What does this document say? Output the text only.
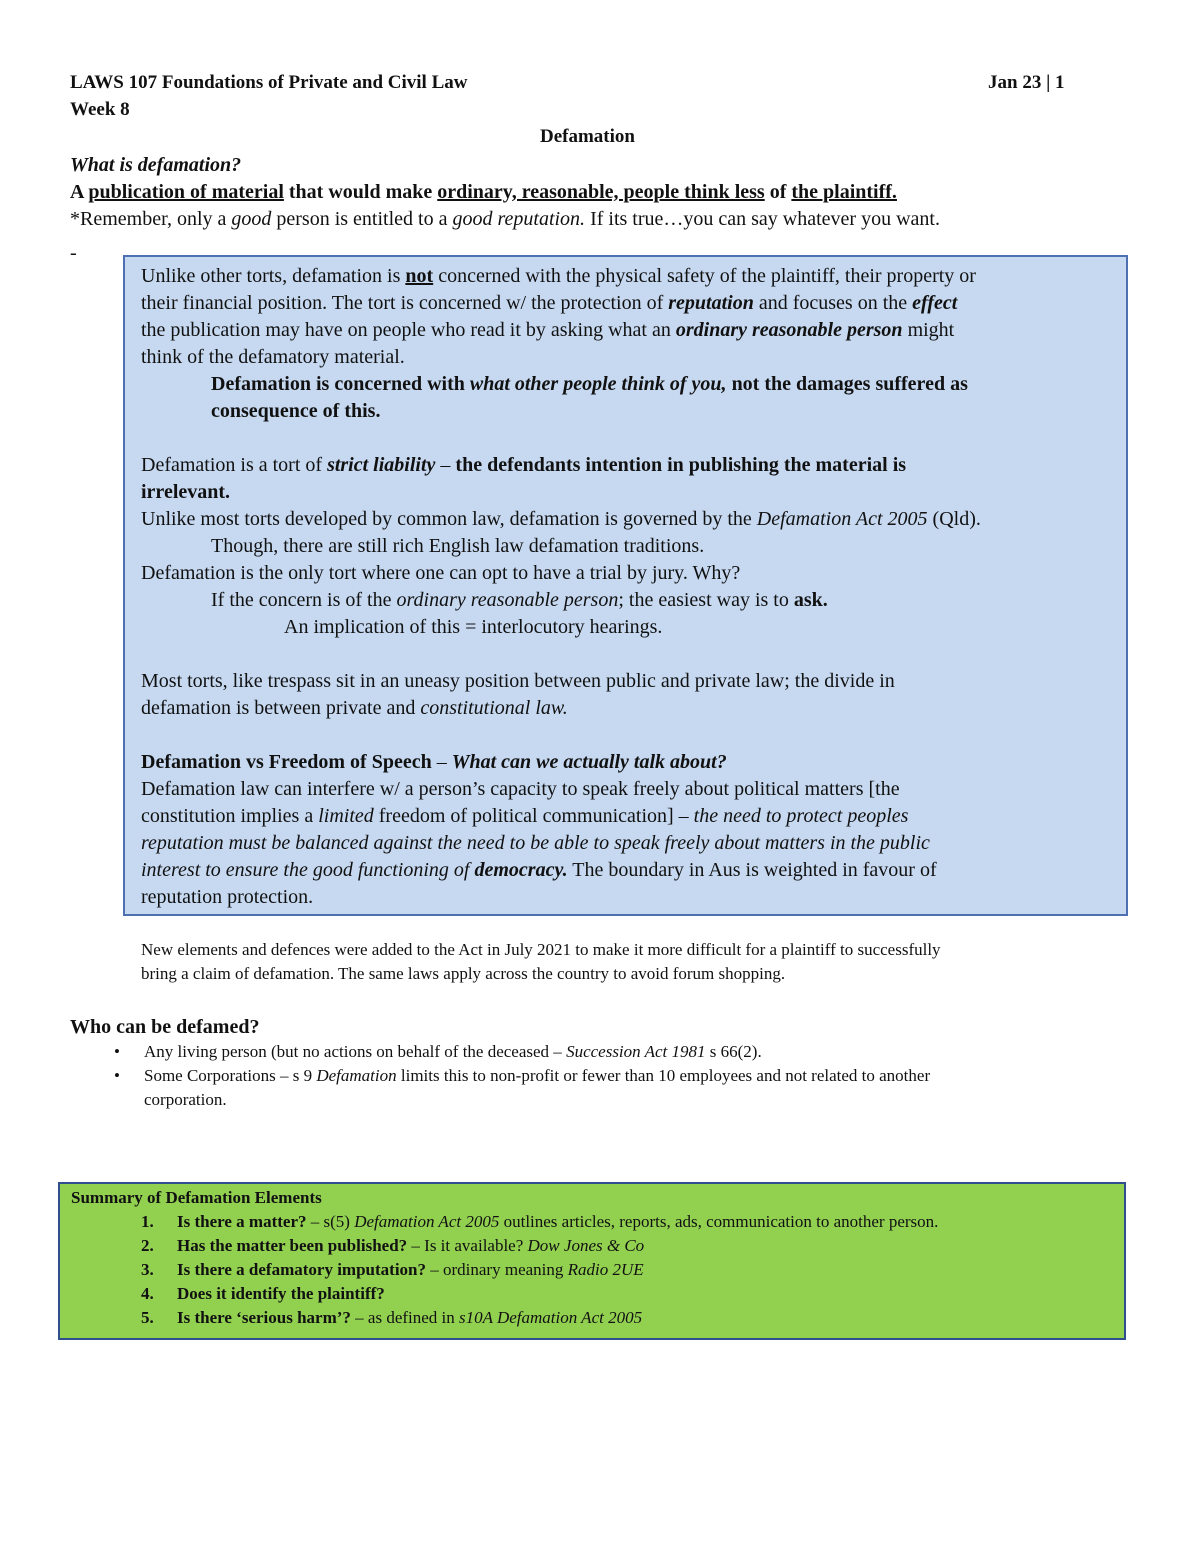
LAWS 107 Foundations of Private and Civil Law	Jan 23 | 1
Week 8
Defamation
What is defamation?
A publication of material that would make ordinary, reasonable, people think less of the plaintiff.
*Remember, only a good person is entitled to a good reputation. If its true…you can say whatever you want.
-
Unlike other torts, defamation is not concerned with the physical safety of the plaintiff, their property or
their financial position. The tort is concerned w/ the protection of reputation and focuses on the effect
the publication may have on people who read it by asking what an ordinary reasonable person might
think of the defamatory material.
Defamation is concerned with what other people think of you, not the damages suffered as
consequence of this.
Defamation is a tort of strict liability – the defendants intention in publishing the material is
irrelevant.
Unlike most torts developed by common law, defamation is governed by the Defamation Act 2005 (Qld).
Though, there are still rich English law defamation traditions.
Defamation is the only tort where one can opt to have a trial by jury. Why?
If the concern is of the ordinary reasonable person; the easiest way is to ask.
An implication of this = interlocutory hearings.
Most torts, like trespass sit in an uneasy position between public and private law; the divide in
defamation is between private and constitutional law.
Defamation vs Freedom of Speech – What can we actually talk about?
Defamation law can interfere w/ a person’s capacity to speak freely about political matters [the
constitution implies a limited freedom of political communication] – the need to protect peoples
reputation must be balanced against the need to be able to speak freely about matters in the public
interest to ensure the good functioning of democracy. The boundary in Aus is weighted in favour of
reputation protection.
New elements and defences were added to the Act in July 2021 to make it more difficult for a plaintiff to successfully
bring a claim of defamation. The same laws apply across the country to avoid forum shopping.
Who can be defamed?
• Any living person (but no actions on behalf of the deceased – Succession Act 1981 s 66(2).
• Some Corporations – s 9 Defamation limits this to non-profit or fewer than 10 employees and not related to another
corporation.
Summary of Defamation Elements
1. Is there a matter? – s(5) Defamation Act 2005 outlines articles, reports, ads, communication to another person.
2. Has the matter been published? – Is it available? Dow Jones & Co
3. Is there a defamatory imputation? – ordinary meaning Radio 2UE
4. Does it identify the plaintiff?
5. Is there ‘serious harm’? – as defined in s10A Defamation Act 2005
